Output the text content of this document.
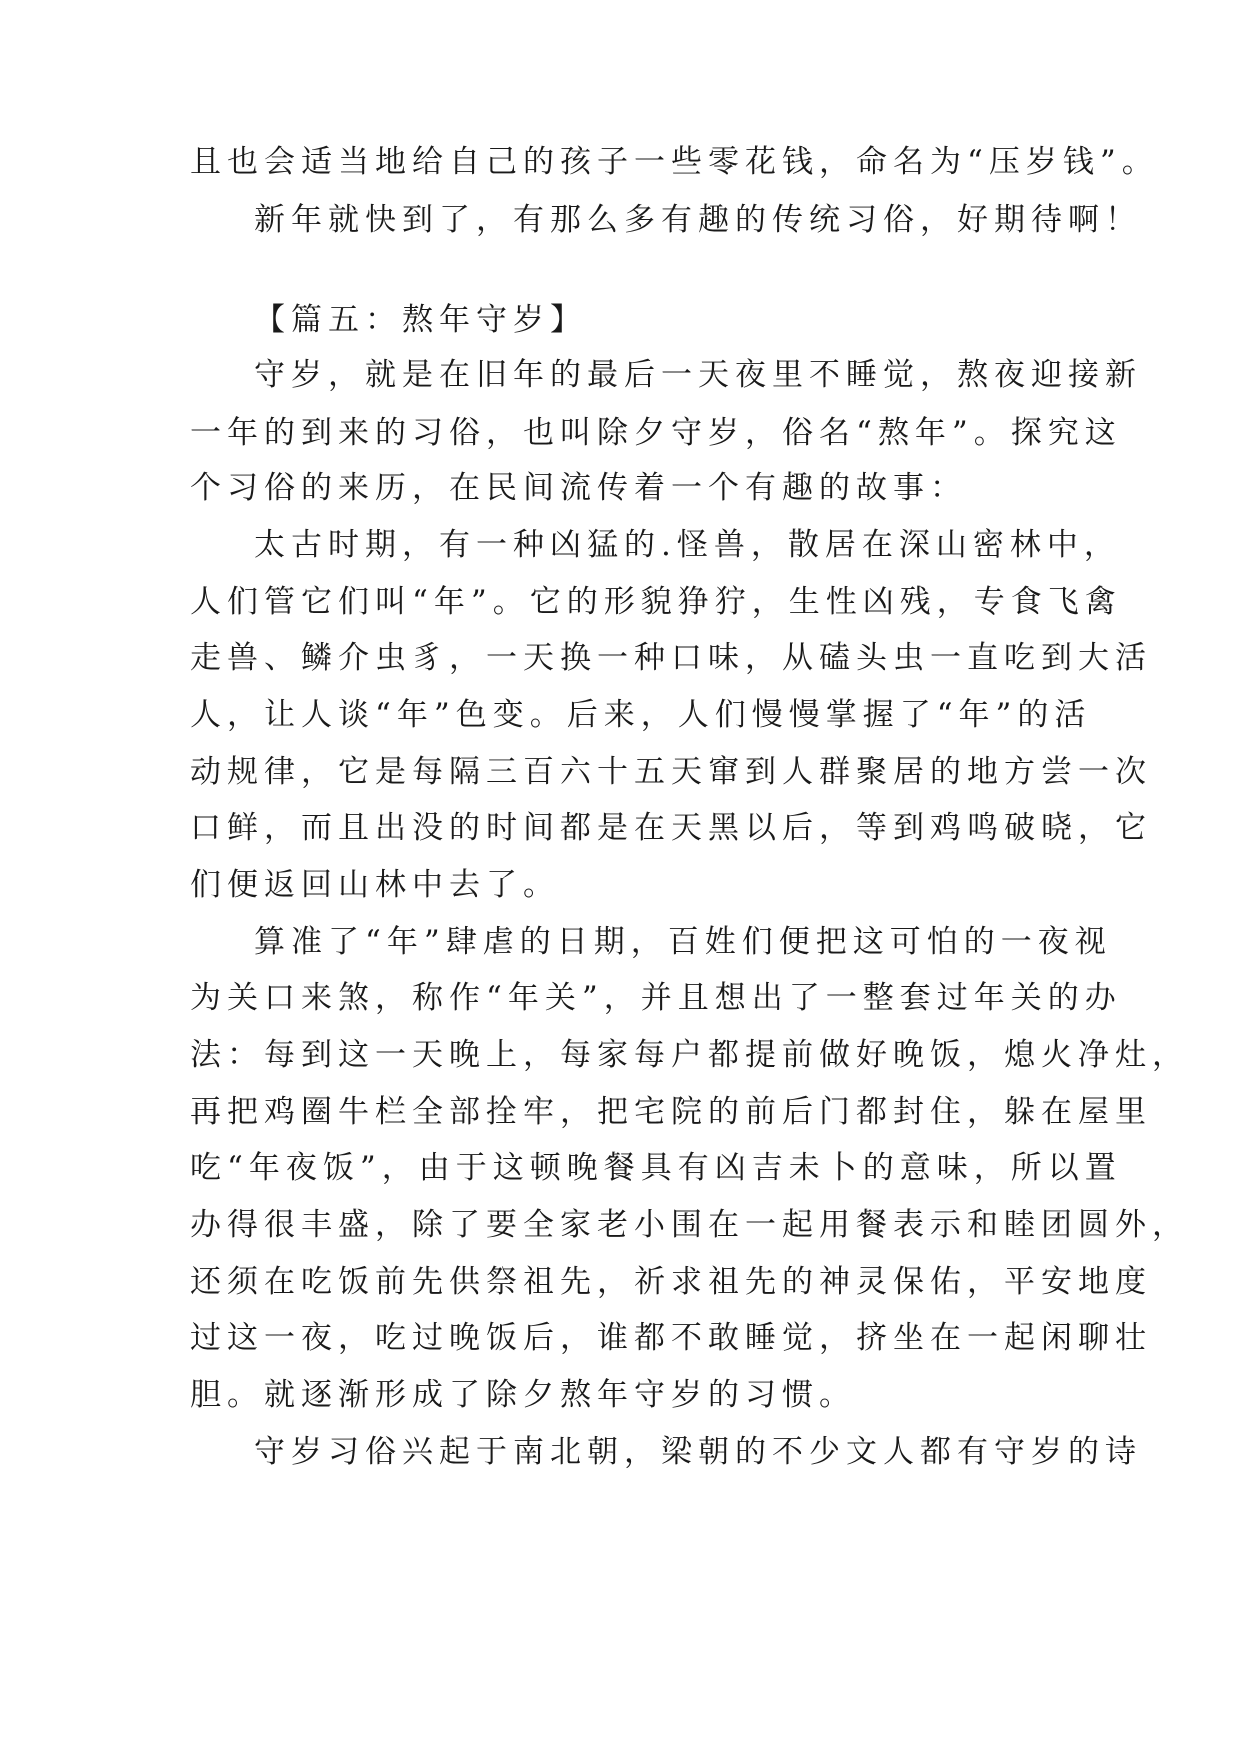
且也会适当地给自己的孩子一些零花钱，命名为“压岁钱”。
新年就快到了，有那么多有趣的传统习俗，好期待啊！
【篇五：熬年守岁】
守岁，就是在旧年的最后一天夜里不睡觉，熬夜迎接新
一年的到来的习俗，也叫除夕守岁，俗名“熬年”。探究这
个习俗的来历，在民间流传着一个有趣的故事：
太古时期，有一种凶猛的.怪兽，散居在深山密林中，
人们管它们叫“年”。它的形貌狰狞，生性凶残，专食飞禽
走兽、鳞介虫豸，一天换一种口味，从磕头虫一直吃到大活
人，让人谈“年”色变。后来，人们慢慢掌握了“年”的活
动规律，它是每隔三百六十五天窜到人群聚居的地方尝一次
口鲜，而且出没的时间都是在天黑以后，等到鸡鸣破晓，它
们便返回山林中去了。
算准了“年”肆虐的日期，百姓们便把这可怕的一夜视
为关口来煞，称作“年关”，并且想出了一整套过年关的办
法：每到这一天晚上，每家每户都提前做好晚饭，熄火净灶，
再把鸡圈牛栏全部拴牢，把宅院的前后门都封住，躲在屋里
吃“年夜饭”，由于这顿晚餐具有凶吉未卜的意味，所以置
办得很丰盛，除了要全家老小围在一起用餐表示和睦团圆外，
还须在吃饭前先供祭祖先，祈求祖先的神灵保佑，平安地度
过这一夜，吃过晚饭后，谁都不敢睡觉，挤坐在一起闲聊壮
胆。就逐渐形成了除夕熬年守岁的习惯。
守岁习俗兴起于南北朝，梁朝的不少文人都有守岁的诗
